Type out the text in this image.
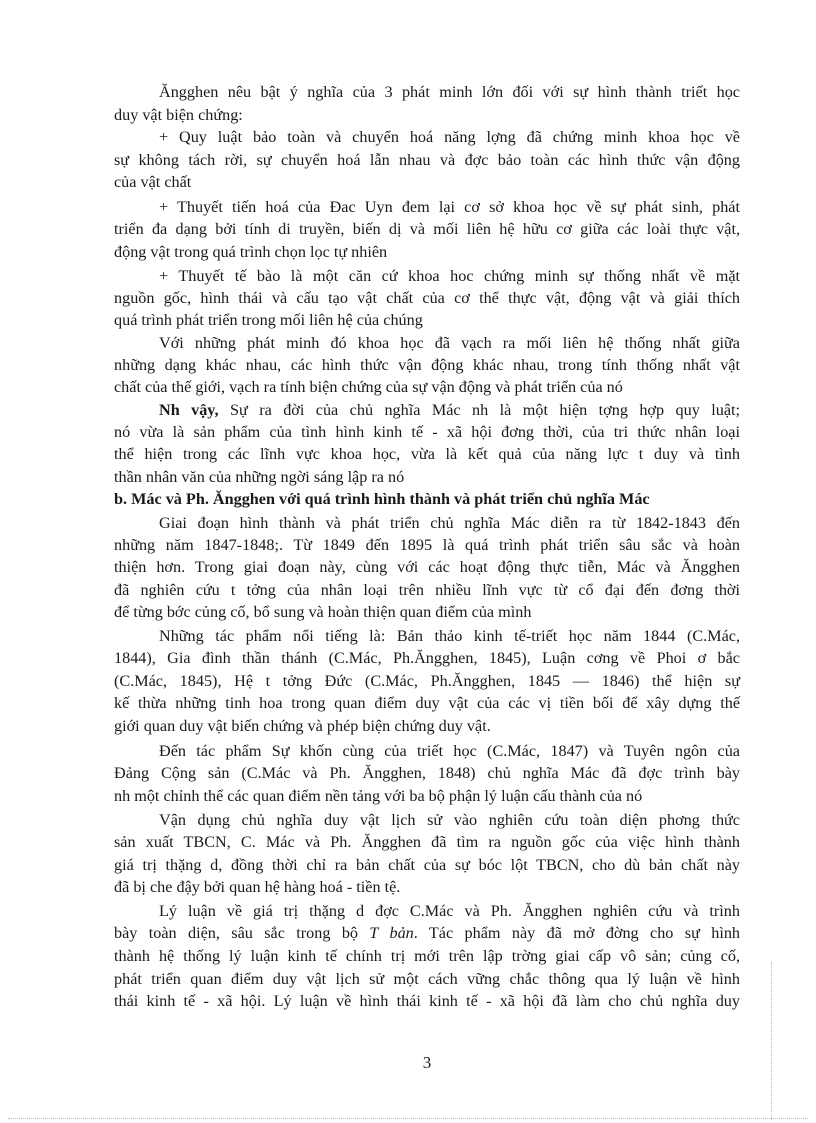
Ăngghen nêu bật ý nghĩa của 3 phát minh lớn đối với sự hình thành triết học
duy vật biện chứng:
+ Quy luật bảo toàn và chuyển hoá năng lợng đã chứng minh khoa học về
sự không tách rời, sự chuyển hoá lẫn nhau và đợc bảo toàn các hình thức vận động
của vật chất
+ Thuyết tiến hoá của Đac Uyn đem lại cơ sở khoa học về sự phát sinh, phát
triển đa dạng bởi tính di truyền, biến dị và mối liên hệ hữu cơ giữa các loài thực vật,
động vật trong quá trình chọn lọc tự nhiên
+ Thuyết tế bào là một căn cứ khoa hoc chứng minh sự thống nhất về mặt
nguồn gốc, hình thái và cấu tạo vật chất của cơ thể thực vật, động vật và giải thích
quá trình phát triển trong mối liên hệ của chúng
Với những phát minh đó khoa học đã vạch ra mối liên hệ thống nhất giữa
những dạng khác nhau, các hình thức vận động khác nhau, trong tính thống nhất vật
chất của thế giới, vạch ra tính biện chứng của sự vận động và phát triển của nó
Nh vậy, Sự ra đời của chủ nghĩa Mác nh là một hiện tợng hợp quy luật;
nó vừa là sản phẩm của tình hình kinh tế - xã hội đơng thời, của tri thức nhân loại
thể hiện trong các lĩnh vực khoa học, vừa là kết quả của năng lực t duy và tình
thần nhân văn của những ngời sáng lập ra nó
b. Mác và Ph. Ăngghen với quá trình hình thành và phát triển chủ nghĩa Mác
Giai đoạn hình thành và phát triển chủ nghĩa Mác diễn ra từ 1842-1843 đến
những năm 1847-1848;. Từ 1849 đến 1895 là quá trình phát triển sâu sắc và hoàn
thiện hơn. Trong giai đoạn này, cùng với các hoạt động thực tiễn, Mác và Ăngghen
đã nghiên cứu t tởng của nhân loại trên nhiều lĩnh vực từ cổ đại đến đơng thời
để từng bớc củng cố, bổ sung và hoàn thiện quan điểm của mình
Những tác phẩm nổi tiếng là: Bản thảo kinh tế-triết học năm 1844 (C.Mác,
1844), Gia đình thần thánh (C.Mác, Ph.Ăngghen, 1845), Luận cơng về Phoi ơ bắc
(C.Mác, 1845), Hệ t tởng Đức (C.Mác, Ph.Ăngghen, 1845 — 1846) thể hiện sự
kế thừa những tinh hoa trong quan điểm duy vật của các vị tiền bối để xây dựng thế
giới quan duy vật biến chứng và phép biện chứng duy vật.
Đến tác phẩm Sự khốn cùng của triết học (C.Mác, 1847) và Tuyên ngôn của
Đảng Cộng sản (C.Mác và Ph. Ăngghen, 1848) chủ nghĩa Mác đã đợc trình bày
nh một chỉnh thể các quan điểm nền tảng với ba bộ phận lý luận cấu thành của nó
Vận dụng chủ nghĩa duy vật lịch sử vào nghiên cứu toàn diện phơng thức
sản xuất TBCN, C. Mác và Ph. Ăngghen đã tìm ra nguồn gốc của việc hình thành
giá trị thặng d, đồng thời chỉ ra bản chất của sự bóc lột TBCN, cho dù bản chất này
đã bị che đậy bởi quan hệ hàng hoá - tiền tệ.
Lý luận về giá trị thặng d đợc C.Mác và Ph. Ăngghen nghiên cứu và trình
bày toàn diện, sâu sắc trong bộ T bản. Tác phẩm này đã mở đờng cho sự hình
thành hệ thống lý luận kinh tế chính trị mới trên lập trờng giai cấp vô sản; củng cố,
phát triển quan điểm duy vật lịch sử một cách vững chắc thông qua lý luận về hình
thái kinh tế - xã hội. Lý luận về hình thái kinh tế - xã hội đã làm cho chủ nghĩa duy
3
